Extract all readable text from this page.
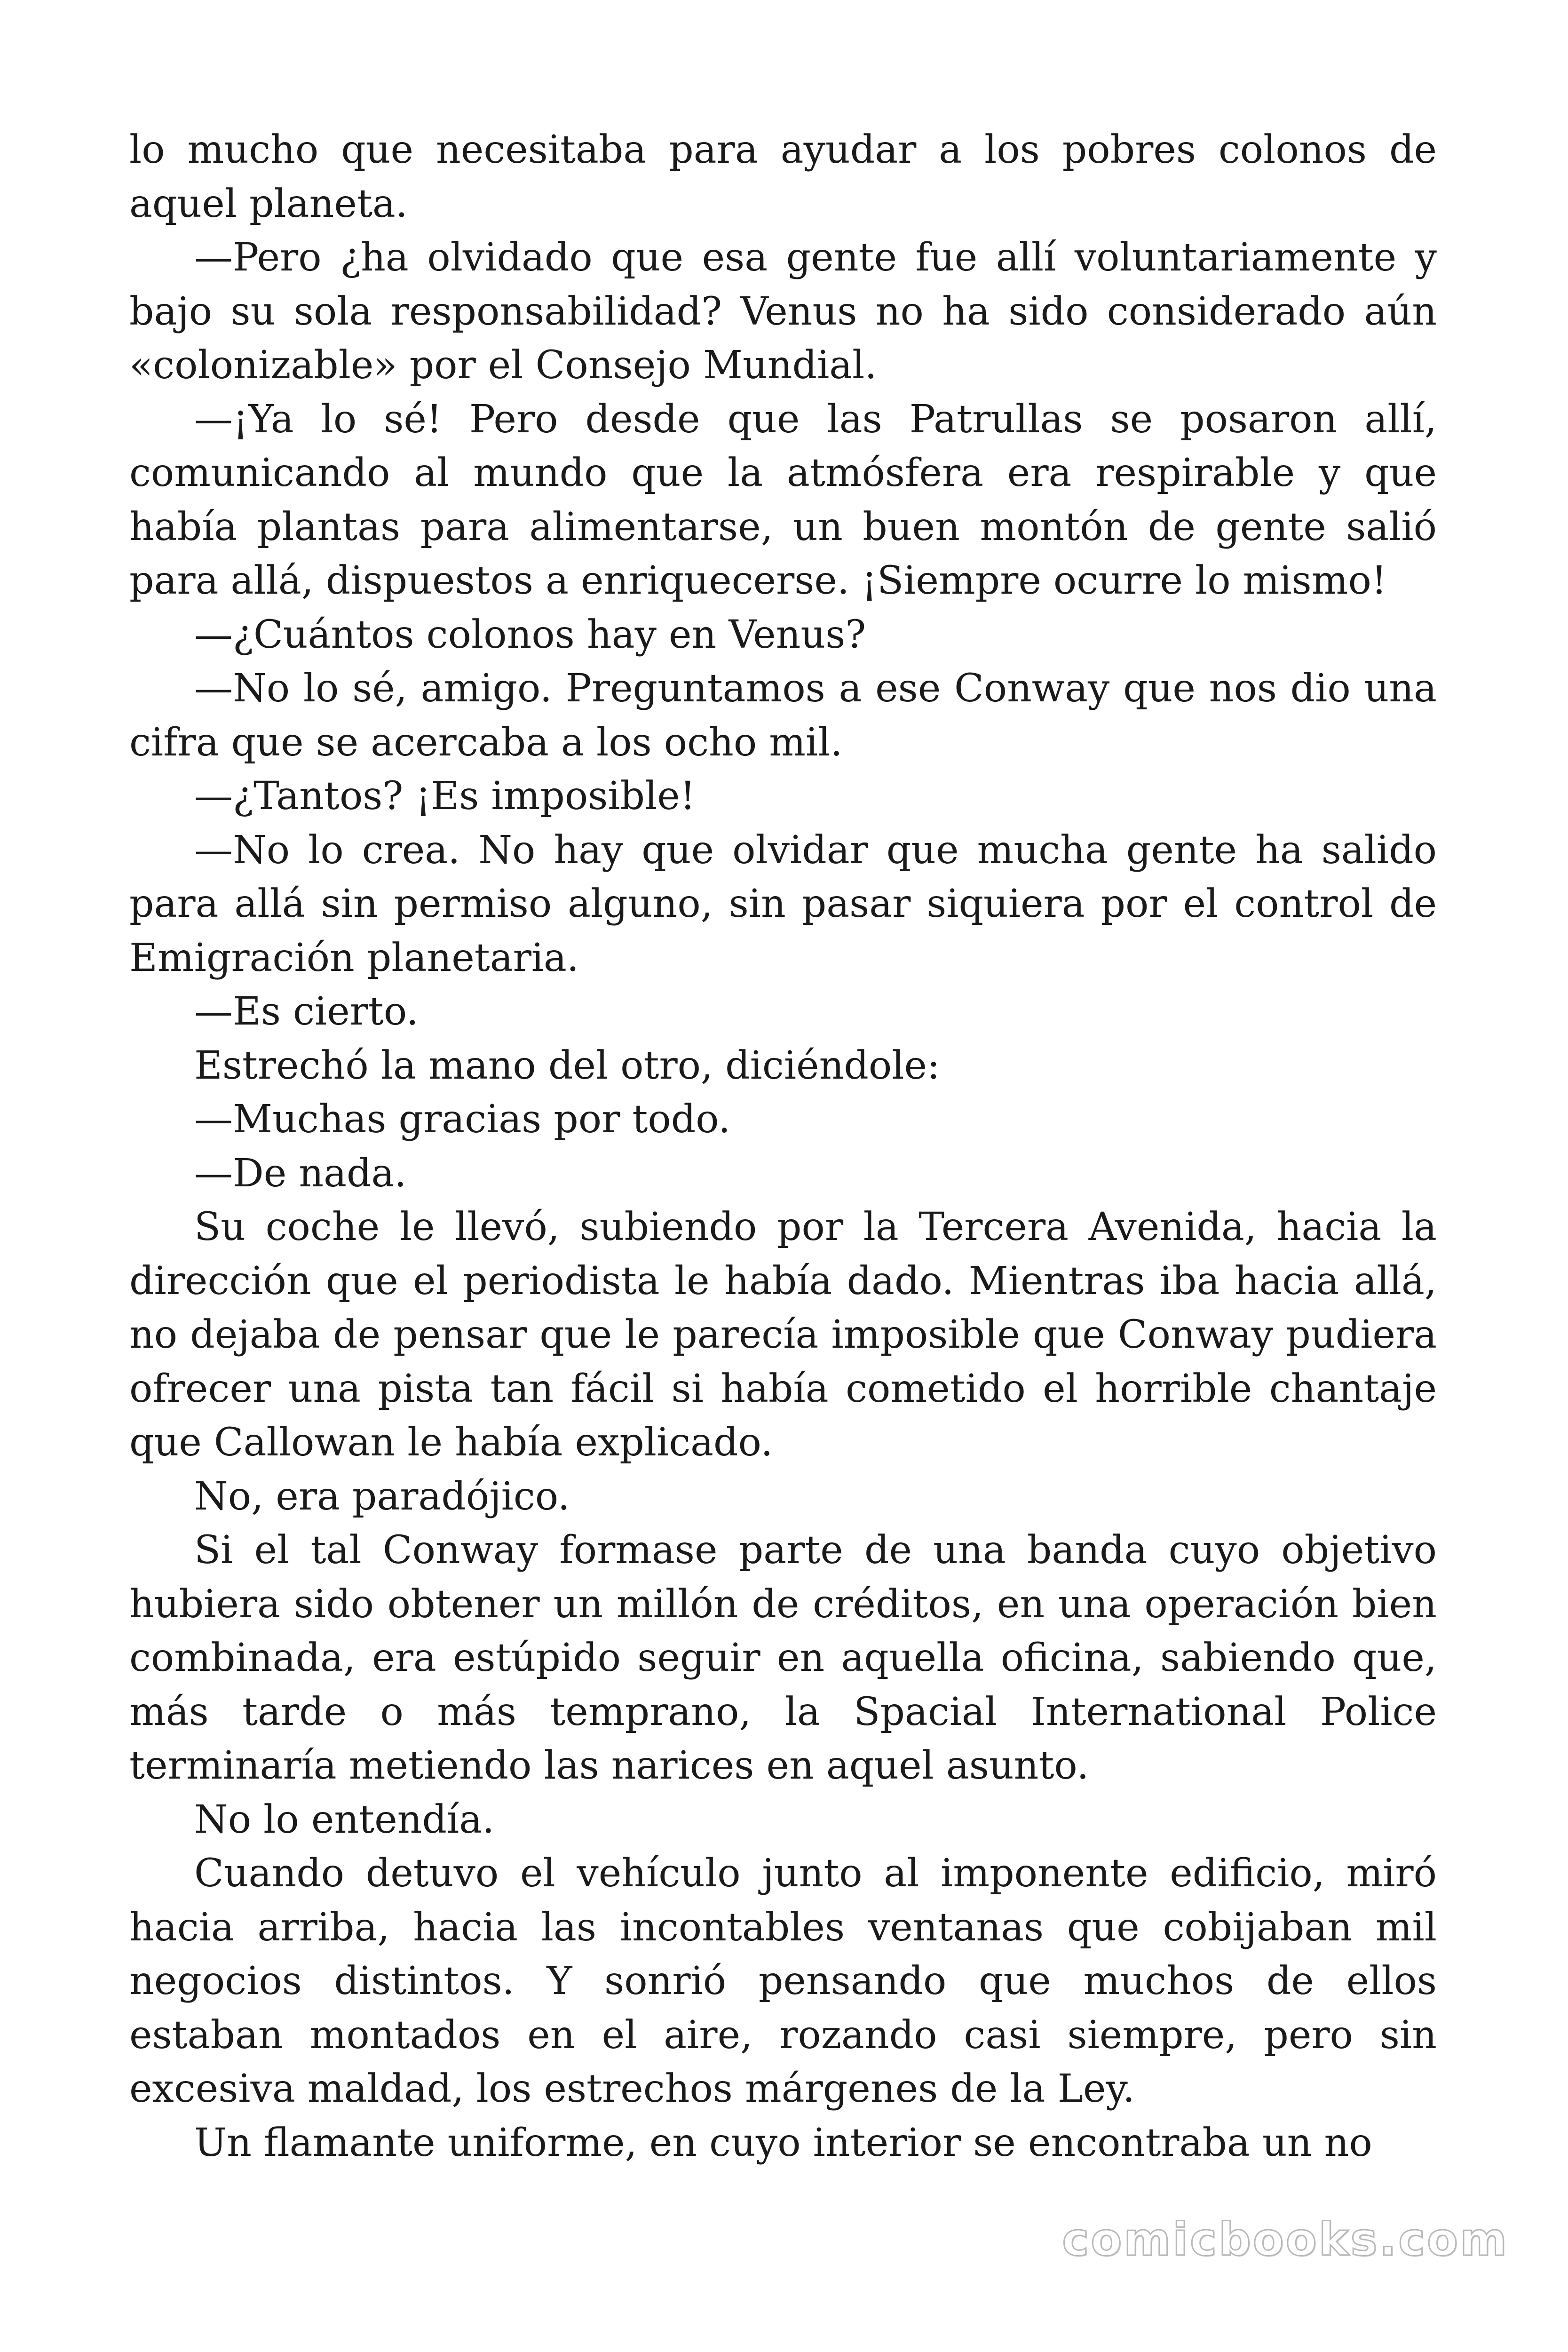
lo mucho que necesitaba para ayudar a los pobres colonos de aquel planeta.

—Pero ¿ha olvidado que esa gente fue allí voluntariamente y bajo su sola responsabilidad? Venus no ha sido considerado aún «colonizable» por el Consejo Mundial.

—¡Ya lo sé! Pero desde que las Patrullas se posaron allí, comunicando al mundo que la atmósfera era respirable y que había plantas para alimentarse, un buen montón de gente salió para allá, dispuestos a enriquecerse. ¡Siempre ocurre lo mismo!

—¿Cuántos colonos hay en Venus?

—No lo sé, amigo. Preguntamos a ese Conway que nos dio una cifra que se acercaba a los ocho mil.

—¿Tantos? ¡Es imposible!

—No lo crea. No hay que olvidar que mucha gente ha salido para allá sin permiso alguno, sin pasar siquiera por el control de Emigración planetaria.

—Es cierto.

Estrechó la mano del otro, diciéndole:

—Muchas gracias por todo.

—De nada.

Su coche le llevó, subiendo por la Tercera Avenida, hacia la dirección que el periodista le había dado. Mientras iba hacia allá, no dejaba de pensar que le parecía imposible que Conway pudiera ofrecer una pista tan fácil si había cometido el horrible chantaje que Callowan le había explicado.

No, era paradójico.

Si el tal Conway formase parte de una banda cuyo objetivo hubiera sido obtener un millón de créditos, en una operación bien combinada, era estúpido seguir en aquella oficina, sabiendo que, más tarde o más temprano, la Spacial International Police terminaría metiendo las narices en aquel asunto.

No lo entendía.

Cuando detuvo el vehículo junto al imponente edificio, miró hacia arriba, hacia las incontables ventanas que cobijaban mil negocios distintos. Y sonrió pensando que muchos de ellos estaban montados en el aire, rozando casi siempre, pero sin excesiva maldad, los estrechos márgenes de la Ley.

Un flamante uniforme, en cuyo interior se encontraba un no

comicbooks.com
